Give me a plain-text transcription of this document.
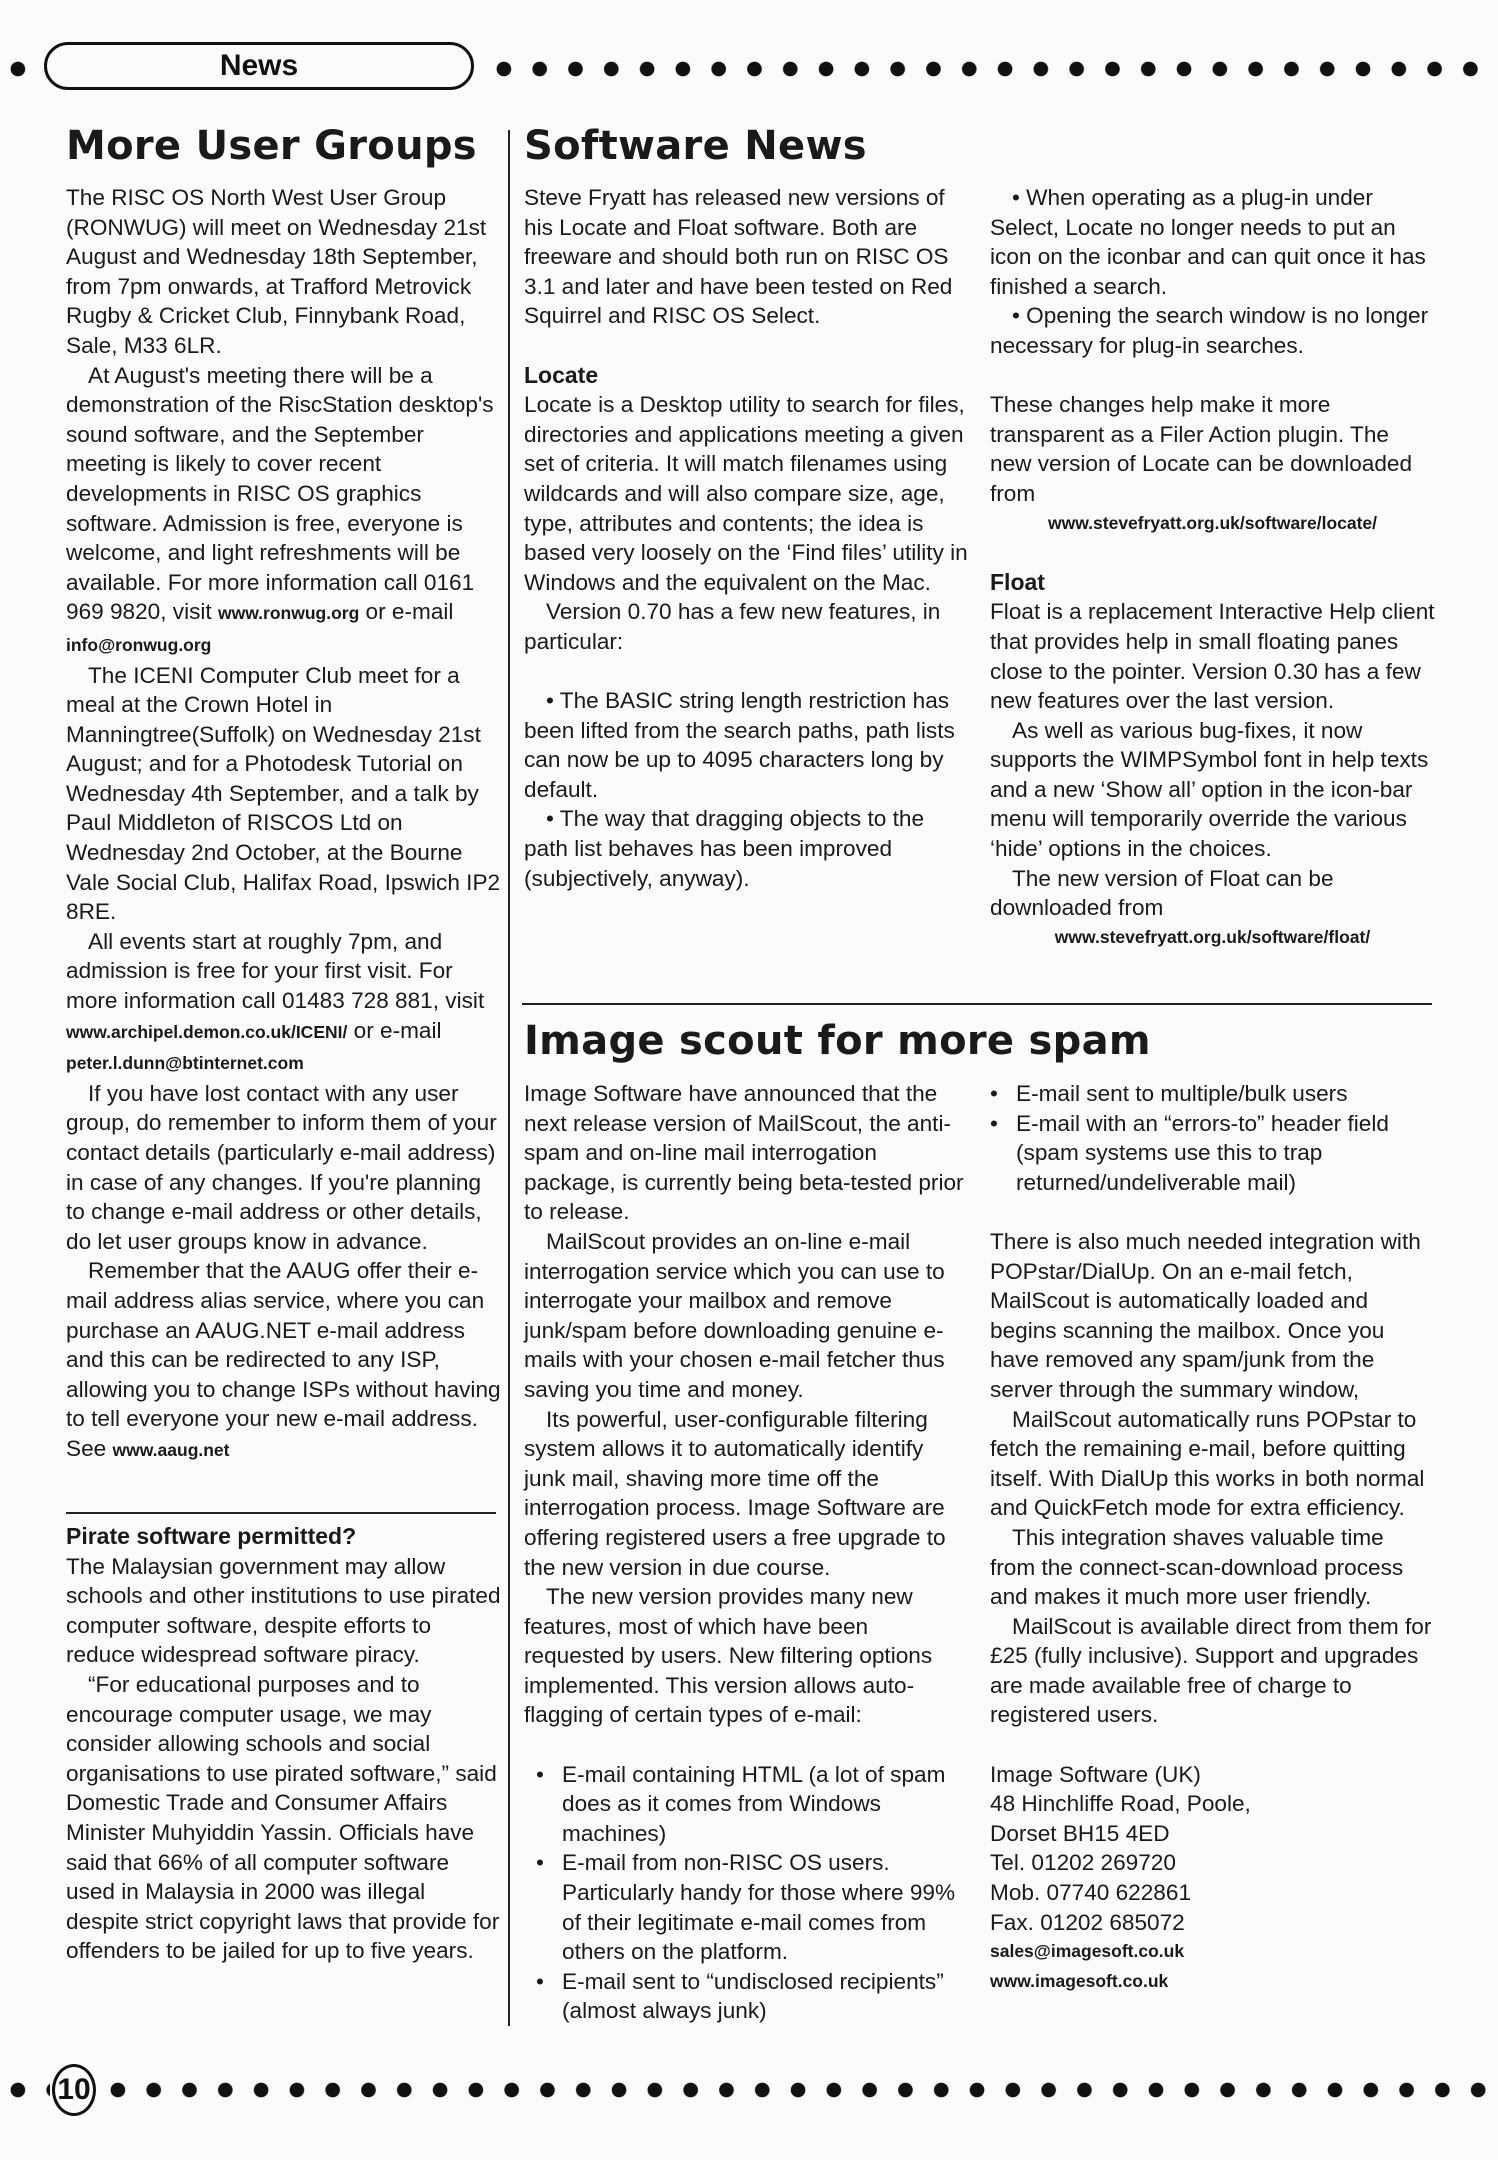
News
More User Groups

The RISC OS North West User Group (RONWUG) will meet on Wednesday 21st August and Wednesday 18th September, from 7pm onwards, at Trafford Metrovick Rugby & Cricket Club, Finnybank Road, Sale, M33 6LR.

At August's meeting there will be a demonstration of the RiscStation desktop's sound software, and the September meeting is likely to cover recent developments in RISC OS graphics software. Admission is free, everyone is welcome, and light refreshments will be available. For more information call 0161 969 9820, visit www.ronwug.org or e-mail info@ronwug.org

The ICENI Computer Club meet for a meal at the Crown Hotel in Manningtree(Suffolk) on Wednesday 21st August; and for a Photodesk Tutorial on Wednesday 4th September, and a talk by Paul Middleton of RISCOS Ltd on Wednesday 2nd October, at the Bourne Vale Social Club, Halifax Road, Ipswich IP2 8RE.

All events start at roughly 7pm, and admission is free for your first visit. For more information call 01483 728 881, visit www.archipel.demon.co.uk/ICENI/ or e-mail peter.l.dunn@btinternet.com

If you have lost contact with any user group, do remember to inform them of your contact details (particularly e-mail address) in case of any changes. If you're planning to change e-mail address or other details, do let user groups know in advance.

Remember that the AAUG offer their e-mail address alias service, where you can purchase an AAUG.NET e-mail address and this can be redirected to any ISP, allowing you to change ISPs without having to tell everyone your new e-mail address. See www.aaug.net

Pirate software permitted?

The Malaysian government may allow schools and other institutions to use pirated computer software, despite efforts to reduce widespread software piracy.

“For educational purposes and to encourage computer usage, we may consider allowing schools and social organisations to use pirated software,” said Domestic Trade and Consumer Affairs Minister Muhyiddin Yassin. Officials have said that 66% of all computer software used in Malaysia in 2000 was illegal despite strict copyright laws that provide for offenders to be jailed for up to five years.

Software News

Steve Fryatt has released new versions of his Locate and Float software. Both are freeware and should both run on RISC OS 3.1 and later and have been tested on Red Squirrel and RISC OS Select.

Locate

Locate is a Desktop utility to search for files, directories and applications meeting a given set of criteria. It will match filenames using wildcards and will also compare size, age, type, attributes and contents; the idea is based very loosely on the ‘Find files’ utility in Windows and the equivalent on the Mac.

Version 0.70 has a few new features, in particular:

• The BASIC string length restriction has been lifted from the search paths, path lists can now be up to 4095 characters long by default.

• The way that dragging objects to the path list behaves has been improved (subjectively, anyway).

• When operating as a plug-in under Select, Locate no longer needs to put an icon on the iconbar and can quit once it has finished a search.

• Opening the search window is no longer necessary for plug-in searches.

These changes help make it more transparent as a Filer Action plugin. The new version of Locate can be downloaded from

www.stevefryatt.org.uk/software/locate/

Float

Float is a replacement Interactive Help client that provides help in small floating panes close to the pointer. Version 0.30 has a few new features over the last version.

As well as various bug-fixes, it now supports the WIMPSymbol font in help texts and a new ‘Show all’ option in the icon-bar menu will temporarily override the various ‘hide’ options in the choices.

The new version of Float can be downloaded from

www.stevefryatt.org.uk/software/float/

Image scout for more spam

Image Software have announced that the next release version of MailScout, the anti-spam and on-line mail interrogation package, is currently being beta-tested prior to release.

MailScout provides an on-line e-mail interrogation service which you can use to interrogate your mailbox and remove junk/spam before downloading genuine e-mails with your chosen e-mail fetcher thus saving you time and money.

Its powerful, user-configurable filtering system allows it to automatically identify junk mail, shaving more time off the interrogation process. Image Software are offering registered users a free upgrade to the new version in due course.

The new version provides many new features, most of which have been requested by users. New filtering options implemented. This version allows auto-flagging of certain types of e-mail:

• E-mail containing HTML (a lot of spam does as it comes from Windows machines)
• E-mail from non-RISC OS users. Particularly handy for those where 99% of their legitimate e-mail comes from others on the platform.
• E-mail sent to “undisclosed recipients” (almost always junk)
• E-mail sent to multiple/bulk users
• E-mail with an “errors-to” header field (spam systems use this to trap returned/undeliverable mail)

There is also much needed integration with POPstar/DialUp. On an e-mail fetch, MailScout is automatically loaded and begins scanning the mailbox. Once you have removed any spam/junk from the server through the summary window,

MailScout automatically runs POPstar to fetch the remaining e-mail, before quitting itself. With DialUp this works in both normal and QuickFetch mode for extra efficiency.

This integration shaves valuable time from the connect-scan-download process and makes it much more user friendly.

MailScout is available direct from them for £25 (fully inclusive). Support and upgrades are made available free of charge to registered users.

Image Software (UK)

48 Hinchliffe Road, Poole,

Dorset BH15 4ED

Tel. 01202 269720

Mob. 07740 622861

Fax. 01202 685072

sales@imagesoft.co.uk

www.imagesoft.co.uk

10
